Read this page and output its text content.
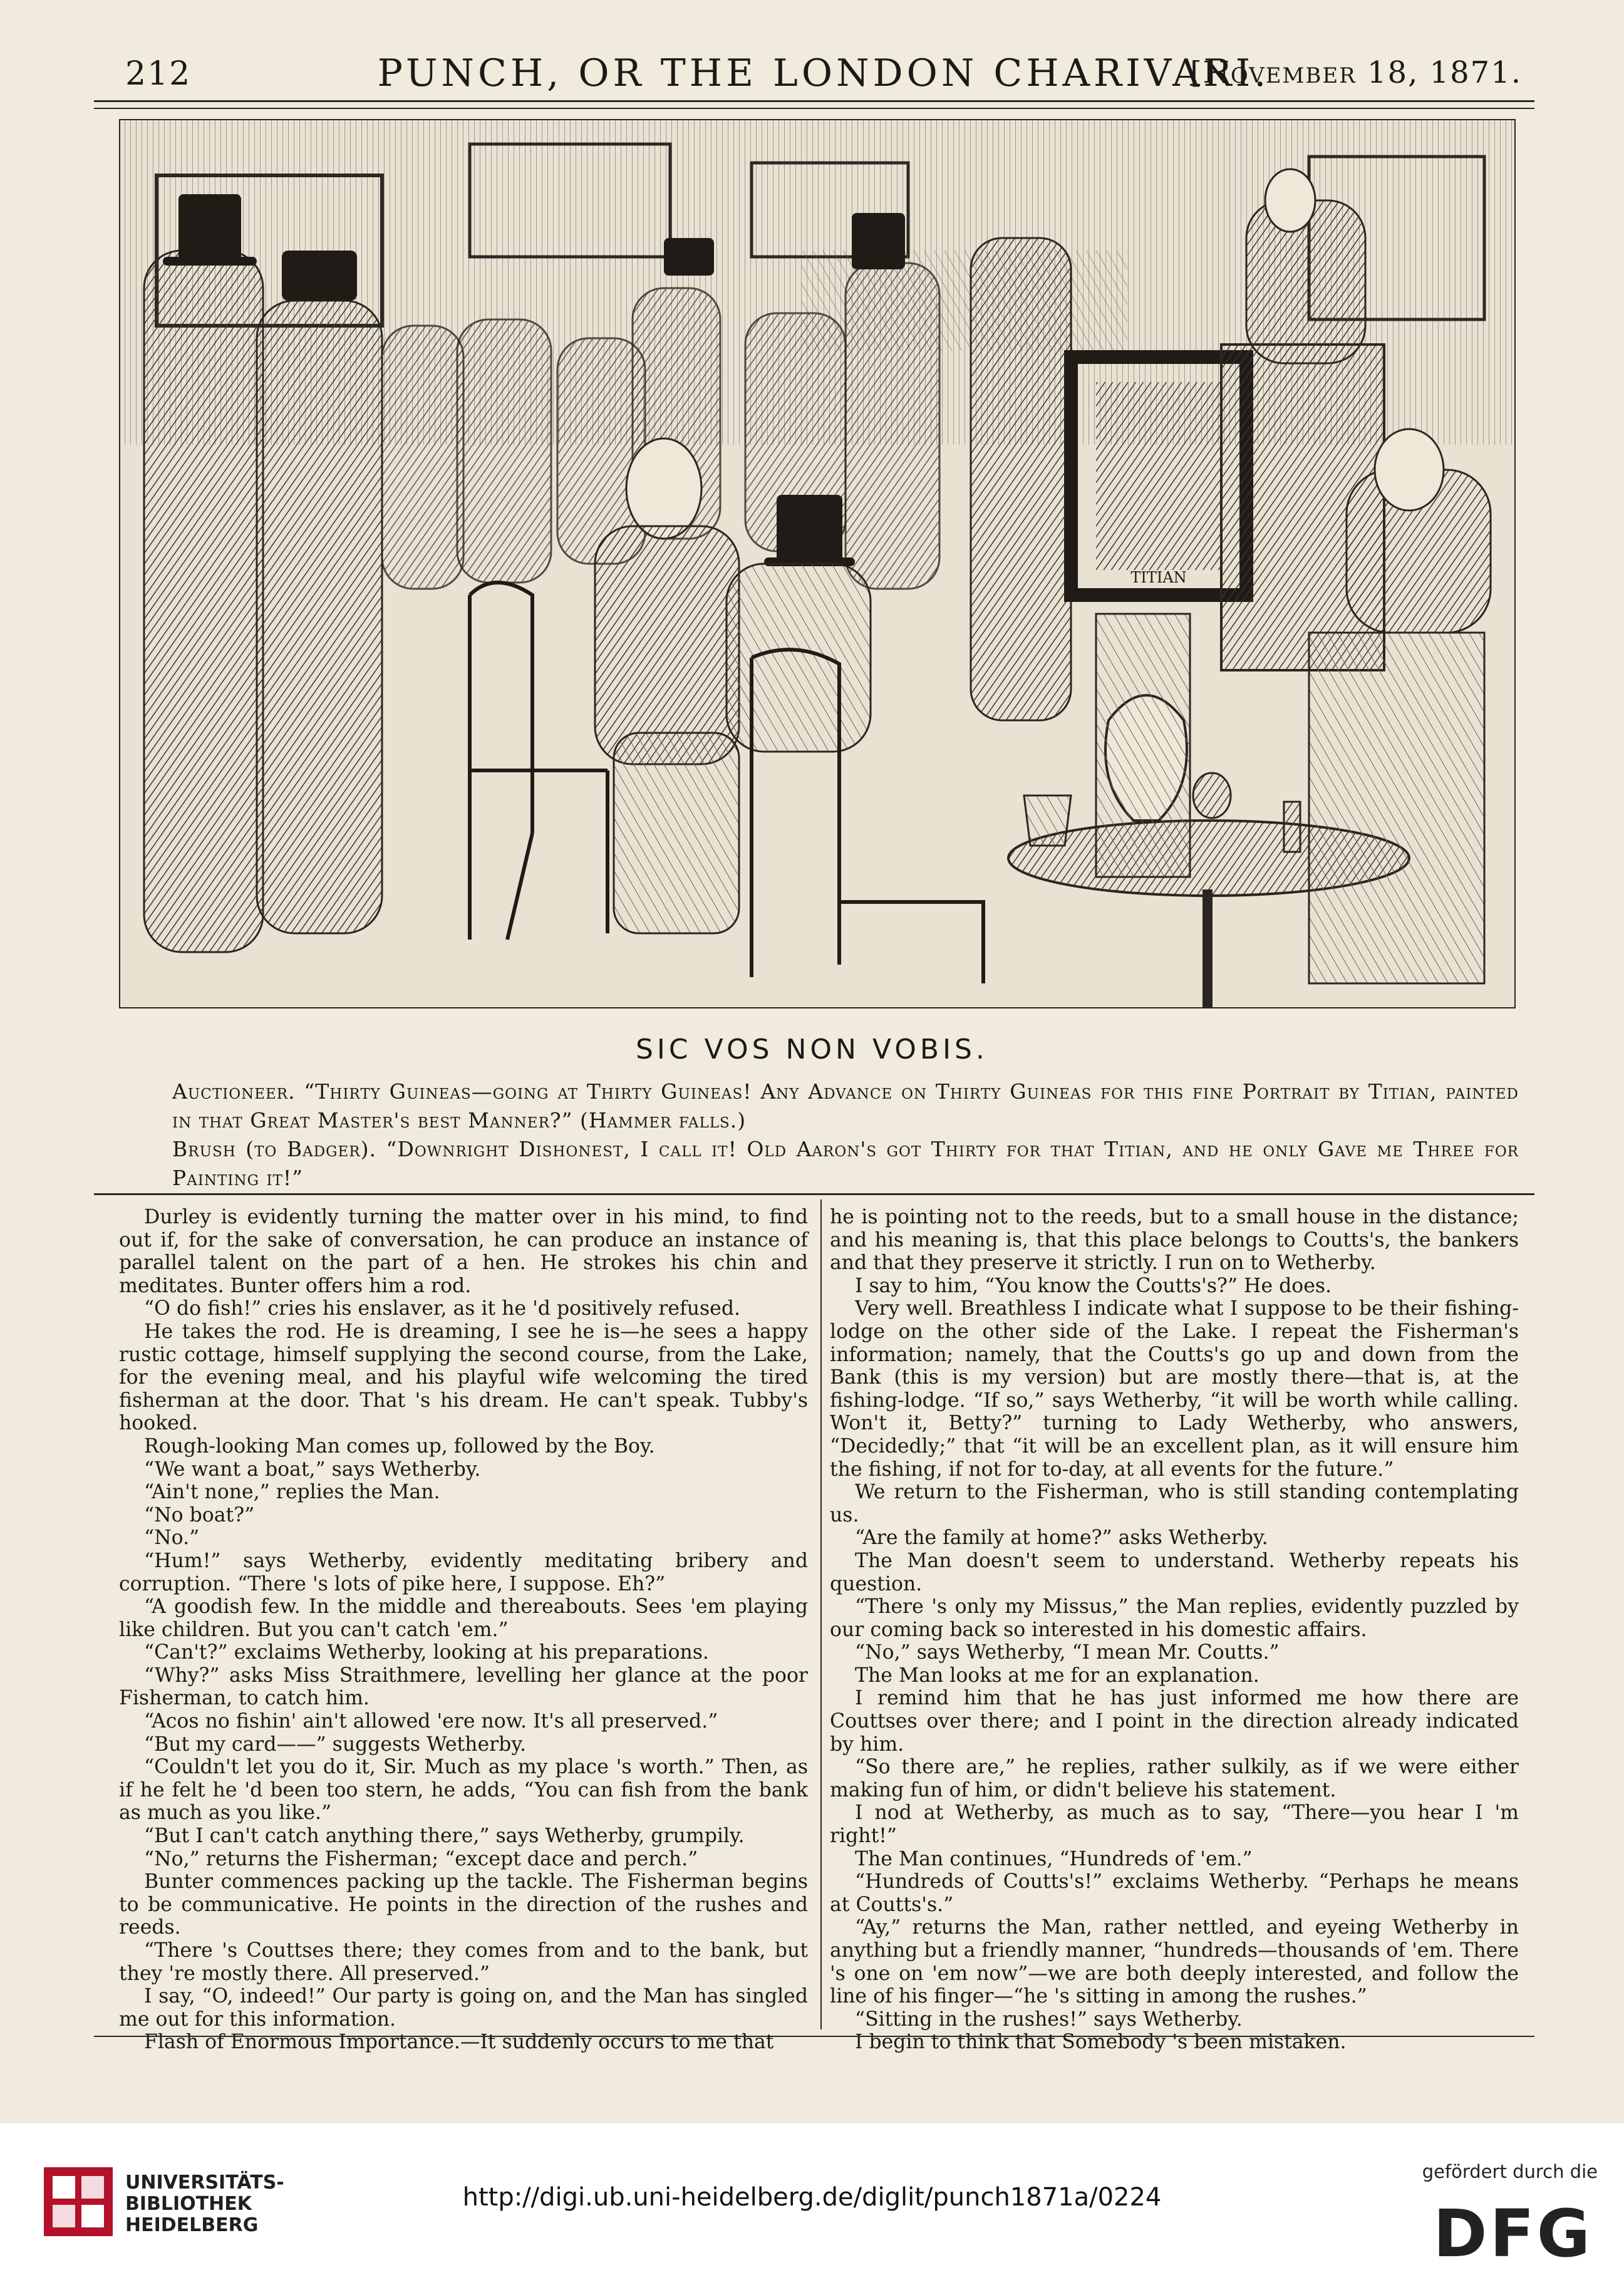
212	PUNCH, OR THE LONDON CHARIVARI.
[November 18, 1871.
TITIAN
SIC VOS NON VOBIS.
Auctioneer. “Thirty Guineas—going at Thirty Guineas! Any Advance on Thirty Guineas for this fine Portrait by Titian, painted in that Great Master's best Manner?” (Hammer falls.)
Brush (to Badger). “Downright Dishonest, I call it! Old Aaron's got Thirty for that Titian, and he only Gave me Three for Painting it!”

Durley is evidently turning the matter over in his mind, to find out if, for the sake of conversation, he can produce an instance of parallel talent on the part of a hen. He strokes his chin and meditates. Bunter offers him a rod.

“O do fish!” cries his enslaver, as it he 'd positively refused.

He takes the rod. He is dreaming, I see he is—he sees a happy rustic cottage, himself supplying the second course, from the Lake, for the evening meal, and his playful wife welcoming the tired fisherman at the door. That 's his dream. He can't speak. Tubby's hooked.

Rough-looking Man comes up, followed by the Boy.

“We want a boat,” says Wetherby.

“Ain't none,” replies the Man.

“No boat?”

“No.”

“Hum!” says Wetherby, evidently meditating bribery and corruption. “There 's lots of pike here, I suppose. Eh?”

“A goodish few. In the middle and thereabouts. Sees 'em playing like children. But you can't catch 'em.”

“Can't?” exclaims Wetherby, looking at his preparations.

“Why?” asks Miss Straithmere, levelling her glance at the poor Fisherman, to catch him.

“Acos no fishin' ain't allowed 'ere now. It's all preserved.”

“But my card——” suggests Wetherby.

“Couldn't let you do it, Sir. Much as my place 's worth.” Then, as if he felt he 'd been too stern, he adds, “You can fish from the bank as much as you like.”

“But I can't catch anything there,” says Wetherby, grumpily.

“No,” returns the Fisherman; “except dace and perch.”

Bunter commences packing up the tackle. The Fisherman begins to be communicative. He points in the direction of the rushes and reeds.

“There 's Couttses there; they comes from and to the bank, but they 're mostly there. All preserved.”

I say, “O, indeed!” Our party is going on, and the Man has singled me out for this information.

Flash of Enormous Importance.—It suddenly occurs to me that

he is pointing not to the reeds, but to a small house in the distance; and his meaning is, that this place belongs to Coutts's, the bankers and that they preserve it strictly. I run on to Wetherby.

I say to him, “You know the Coutts's?” He does.

Very well. Breathless I indicate what I suppose to be their fishing-lodge on the other side of the Lake. I repeat the Fisherman's information; namely, that the Coutts's go up and down from the Bank (this is my version) but are mostly there—that is, at the fishing-lodge. “If so,” says Wetherby, “it will be worth while calling. Won't it, Betty?” turning to Lady Wetherby, who answers, “Decidedly;” that “it will be an excellent plan, as it will ensure him the fishing, if not for to-day, at all events for the future.”

We return to the Fisherman, who is still standing contemplating us.

“Are the family at home?” asks Wetherby.

The Man doesn't seem to understand. Wetherby repeats his question.

“There 's only my Missus,” the Man replies, evidently puzzled by our coming back so interested in his domestic affairs.

“No,” says Wetherby, “I mean Mr. Coutts.”

The Man looks at me for an explanation.

I remind him that he has just informed me how there are Couttses over there; and I point in the direction already indicated by him.

“So there are,” he replies, rather sulkily, as if we were either making fun of him, or didn't believe his statement.

I nod at Wetherby, as much as to say, “There—you hear I 'm right!”

The Man continues, “Hundreds of 'em.”

“Hundreds of Coutts's!” exclaims Wetherby. “Perhaps he means at Coutts's.”

“Ay,” returns the Man, rather nettled, and eyeing Wetherby in anything but a friendly manner, “hundreds—thousands of 'em. There 's one on 'em now”—we are both deeply interested, and follow the line of his finger—“he 's sitting in among the rushes.”

“Sitting in the rushes!” says Wetherby.

I begin to think that Somebody 's been mistaken.

UNIVERSITÄTS-
BIBLIOTHEK
HEIDELBERG
http://digi.ub.uni-heidelberg.de/diglit/punch1871a/0224
gefördert durch die
DFG
